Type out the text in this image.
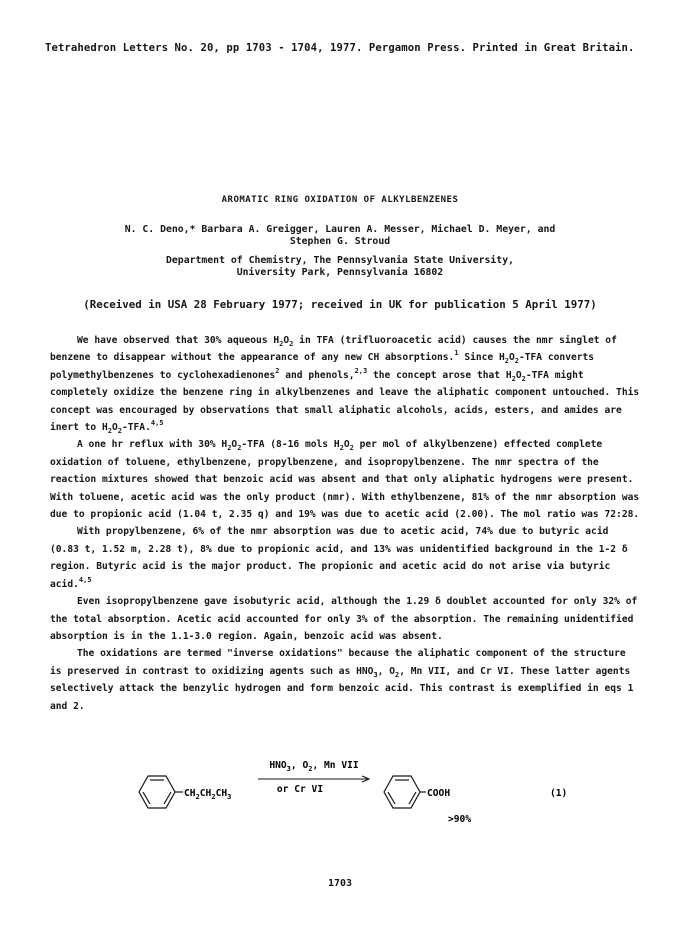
Tetrahedron Letters No. 20, pp 1703 - 1704, 1977. Pergamon Press. Printed in Great Britain.
AROMATIC RING OXIDATION OF ALKYLBENZENES
N. C. Deno,* Barbara A. Greigger, Lauren A. Messer, Michael D. Meyer, and
Stephen G. Stroud
Department of Chemistry, The Pennsylvania State University,
University Park, Pennsylvania 16802
(Received in USA 28 February 1977; received in UK for publication 5 April 1977)

We have observed that 30% aqueous $H_2O_2$ in TFA (trifluoroacetic acid) causes the nmr singlet of benzene to disappear without the appearance of any new CH absorptions.$^1$ Since $H_2O_2$-TFA converts polymethylbenzenes to cyclohexadienones$^2$ and phenols,$^{2,3}$ the concept arose that $H_2O_2$-TFA might completely oxidize the benzene ring in alkylbenzenes and leave the aliphatic component untouched. This concept was encouraged by observations that small aliphatic alcohols, acids, esters, and amides are inert to $H_2O_2-TFA.^{4,5}$

A one hr reflux with 30% $H_2O_2$-TFA (8-16 mols $H_2O_2$ per mol of alkylbenzene) effected complete oxidation of toluene, ethylbenzene, propylbenzene, and isopropylbenzene. The nmr spectra of the reaction mixtures showed that benzoic acid was absent and that only aliphatic hydrogens were present. With toluene, acetic acid was the only product (nmr). With ethylbenzene, 81% of the nmr absorption was due to propionic acid (1.04 t, 2.35 q) and 19% was due to acetic acid (2.00). The mol ratio was 72:28.

With propylbenzene, 6% of the nmr absorption was due to acetic acid, 74% due to butyric acid (0.83 t, 1.52 m, 2.28 t), 8% due to propionic acid, and 13% was unidentified background in the 1-2 δ region. Butyric acid is the major product. The propionic and acetic acid do not arise via butyric acid.$^{4,5}$

Even isopropylbenzene gave isobutyric acid, although the 1.29 δ doublet accounted for only 32% of the total absorption. Acetic acid accounted for only 3% of the absorption. The remaining unidentified absorption is in the 1.1-3.0 region. Again, benzoic acid was absent.

The oxidations are termed "inverse oxidations" because the aliphatic component of the structure is preserved in contrast to oxidizing agents such as $HNO_3$, $O_2$, Mn VII, and Cr VI. These latter agents selectively attack the benzylic hydrogen and form benzoic acid. This contrast is exemplified in eqs 1 and 2.

$CH_2CH_2CH_3$
$HNO_3$, $O_2$, Mn VII
or Cr VI	COOH
>90%
(1)
1703
